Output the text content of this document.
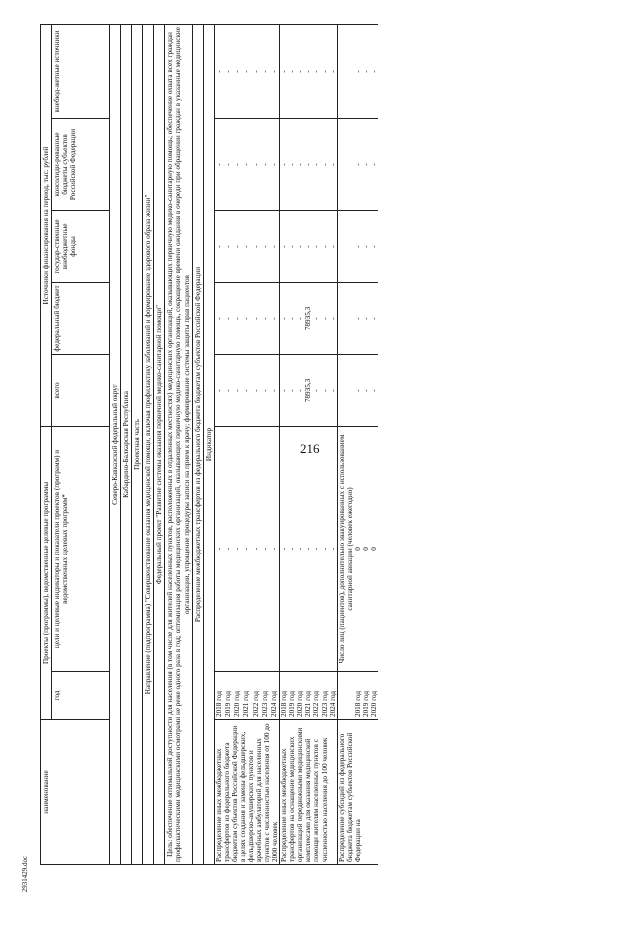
216
2931429.doc
наименование	Проекты (программы), ведомственные целевые программы		Источники финансирования на период, тыс. рублей				
	год	цели и целевые индикаторы и показатели проектов (программ) и ведомственных целевых программ*	всего	федеральный бюджет	государ-ственные внебюджетные фонды	консолиди-рованные бюджеты субъектов Российской Федерации	внебюд-жетные источники
Северо-Кавказский федеральный округ							
Кабардино-Балкарская Республика							
Проектная часть							
Направление (подпрограмма) "Совершенствование оказания медицинской помощи, включая профилактику заболеваний и формирование здорового образа жизни"							
Федеральный проект "Развитие системы оказания первичной медико-санитарной помощи"							
Цель: обеспечение оптимальной доступности для населения (в том числе для жителей населенных пунктов, расположенных в отдаленных местностях) медицинских организаций, оказывающих первичную медико-санитарную помощь; обеспечение охвата всех граждан профилактическими медицинскими осмотрами не реже одного раза в год; оптимизация работы медицинских организаций, оказывающих первичную медико-санитарную помощь, сокращение времени ожидания в очереди при обращении граждан в указанные медицинские организации, упрощение процедуры записи на прием к врачу; формирование системы защиты прав пациентов							
Распределение межбюджетных трансфертов из федерального бюджета бюджетам субъектов Российской Федерации							
Индикатор							
Распределение иных межбюджетных трансфертов из федерального бюджета бюджетам субъектов Российской Федерации в целях создания и замены фельдшерских, фельдшерско-акушерских пунктов и врачебных амбулаторий для населенных пунктов с численностью населения от 100 до 2000 человек	2018 год	-	-	-	-	-	-
	2019 год	-	-	-	-	-	-
	2020 год	-	-	-	-	-	-
	2021 год	-	-	-	-	-	-
	2022 год	-	-	-	-	-	-
	2023 год	-	-	-	-	-	-
	2024 год	-	-	-	-	-	-
Распределение иных межбюджетных трансфертов на оснащение медицинских организаций передвижными медицинскими комплексами для оказания медицинской помощи жителям населенных пунктов с численностью населения до 100 человек	2018 год	-	-	-	-	-	-
	2019 год	-	-	-	-	-	-
	2020 год	-	-	-	-	-	-
	2021 год	-	78935,3	78935,3	-	-	-
	2022 год	-	-	-	-	-	-
	2023 год	-	-	-	-	-	-
	2024 год	-	-	-	-	-	-
Распределение субсидий из федерального бюджета бюджетам субъектов Российской Федерации на		Число лиц (пациентов), дополнительно эвакуированных с использованием санитарной авиации (человек ежегодно)					
	2018 год	0	-	-	-	-	-
	2019 год	0	-	-	-	-	-
	2020 год	0	-	-	-	-	-
